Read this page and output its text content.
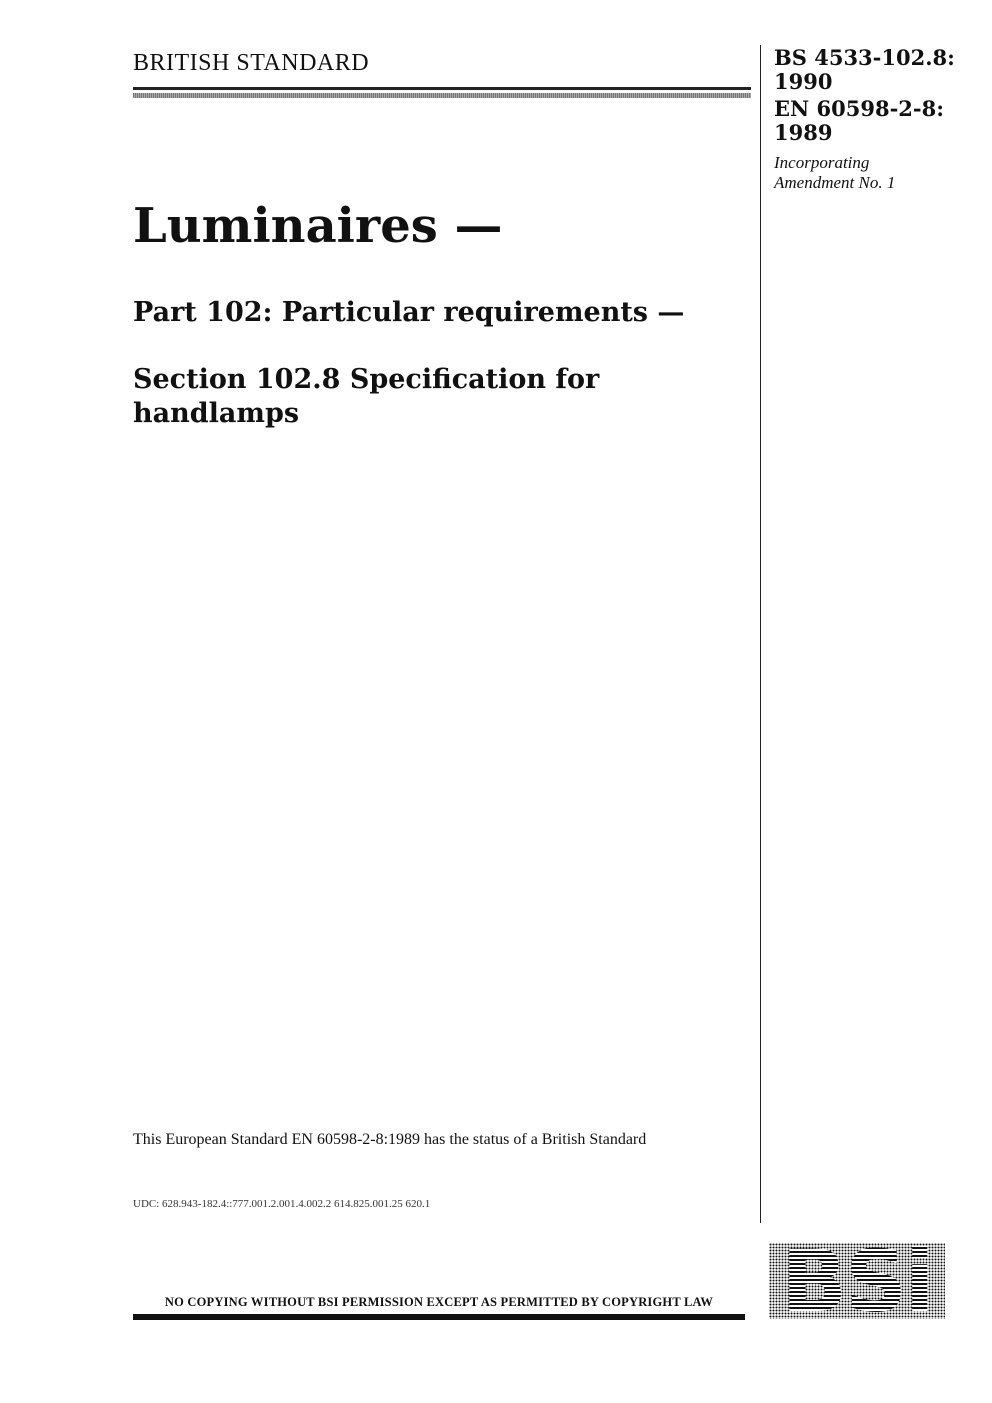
BRITISH STANDARD	BS 4533-102.8:
1990
EN 60598-2-8:
1989
Incorporating
Amendment No. 1
Luminaires —
Part 102: Particular requirements —
Section 102.8 Specification for handlamps
This European Standard EN 60598-2-8:1989 has the status of a British Standard
UDC: 628.943-182.4::777.001.2.001.4.002.2 614.825.001.25 620.1
NO COPYING WITHOUT BSI PERMISSION EXCEPT AS PERMITTED BY COPYRIGHT LAW
